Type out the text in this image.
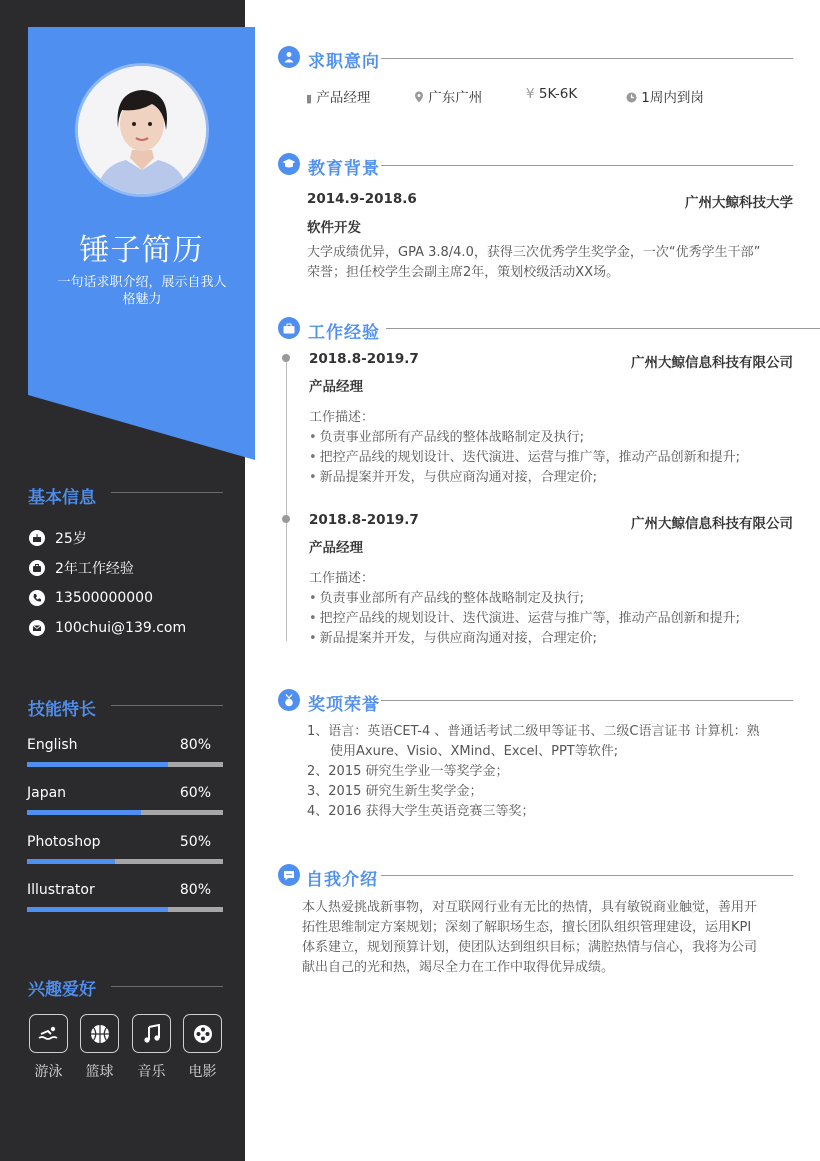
锤子简历
一句话求职介绍，展示自我人格魅力
基本信息
25岁
2年工作经验
13500000000
100chui@139.com
技能特长
English	80%
Japan	60%
Photoshop	50%
Illustrator	80%
兴趣爱好
游泳	篮球	音乐	电影
求职意向
▮ 产品经理	广东广州	¥ 5K-6K	1周内到岗
教育背景
2014.9-2018.6	广州大鲸科技大学
软件开发
大学成绩优异，GPA 3.8/4.0，获得三次优秀学生奖学金，一次“优秀学生干部”
荣誉；担任校学生会副主席2年，策划校级活动XX场。
工作经验
2018.8-2019.7	广州大鲸信息科技有限公司
产品经理
工作描述：
• 负责事业部所有产品线的整体战略制定及执行;
• 把控产品线的规划设计、迭代演进、运营与推广等，推动产品创新和提升;
• 新品提案并开发，与供应商沟通对接，合理定价;
2018.8-2019.7	广州大鲸信息科技有限公司
产品经理
工作描述：
• 负责事业部所有产品线的整体战略制定及执行;
• 把控产品线的规划设计、迭代演进、运营与推广等，推动产品创新和提升;
• 新品提案并开发，与供应商沟通对接，合理定价;
奖项荣誉
1、语言：英语CET-4 、普通话考试二级甲等证书、二级C语言证书 计算机：熟
使用Axure、Visio、XMind、Excel、PPT等软件;
2、2015 研究生学业一等奖学金；
3、2015 研究生新生奖学金；
4、2016 获得大学生英语竞赛三等奖；
自我介绍
本人热爱挑战新事物，对互联网行业有无比的热情，具有敏锐商业触觉，善用开
拓性思维制定方案规划；深刻了解职场生态，擅长团队组织管理建设，运用KPI
体系建立，规划预算计划，使团队达到组织目标；满腔热情与信心，我将为公司
献出自己的光和热，竭尽全力在工作中取得优异成绩。
